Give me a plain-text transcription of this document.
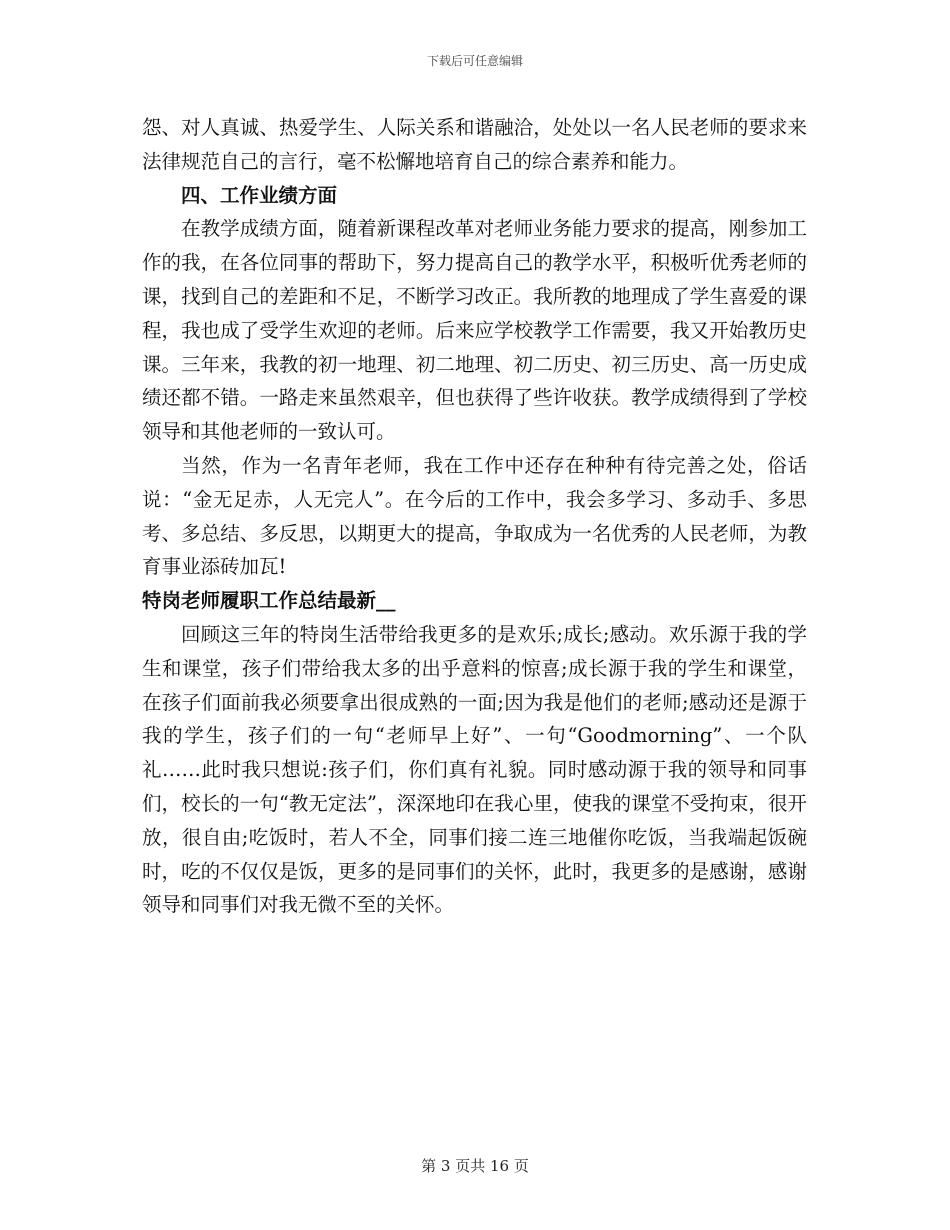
下载后可任意编辑

怨、对人真诚、热爱学生、人际关系和谐融洽，处处以一名人民老师的要求来法律规范自己的言行，毫不松懈地培育自己的综合素养和能力。

四、工作业绩方面

在教学成绩方面，随着新课程改革对老师业务能力要求的提高，刚参加工作的我，在各位同事的帮助下，努力提高自己的教学水平，积极听优秀老师的课，找到自己的差距和不足，不断学习改正。我所教的地理成了学生喜爱的课程，我也成了受学生欢迎的老师。后来应学校教学工作需要，我又开始教历史课。三年来，我教的初一地理、初二地理、初二历史、初三历史、高一历史成绩还都不错。一路走来虽然艰辛，但也获得了些许收获。教学成绩得到了学校领导和其他老师的一致认可。

当然，作为一名青年老师，我在工作中还存在种种有待完善之处，俗话说：“金无足赤，人无完人”。在今后的工作中，我会多学习、多动手、多思考、多总结、多反思，以期更大的提高，争取成为一名优秀的人民老师，为教育事业添砖加瓦!

特岗老师履职工作总结最新__

回顾这三年的特岗生活带给我更多的是欢乐;成长;感动。欢乐源于我的学生和课堂，孩子们带给我太多的出乎意料的惊喜;成长源于我的学生和课堂，在孩子们面前我必须要拿出很成熟的一面;因为我是他们的老师;感动还是源于我的学生，孩子们的一句“老师早上好”、一句“Goodmorning”、一个队礼……此时我只想说:孩子们，你们真有礼貌。同时感动源于我的领导和同事们，校长的一句“教无定法”，深深地印在我心里，使我的课堂不受拘束，很开放，很自由;吃饭时，若人不全，同事们接二连三地催你吃饭，当我端起饭碗时，吃的不仅仅是饭，更多的是同事们的关怀，此时，我更多的是感谢，感谢领导和同事们对我无微不至的关怀。

第 3 页共 16 页
